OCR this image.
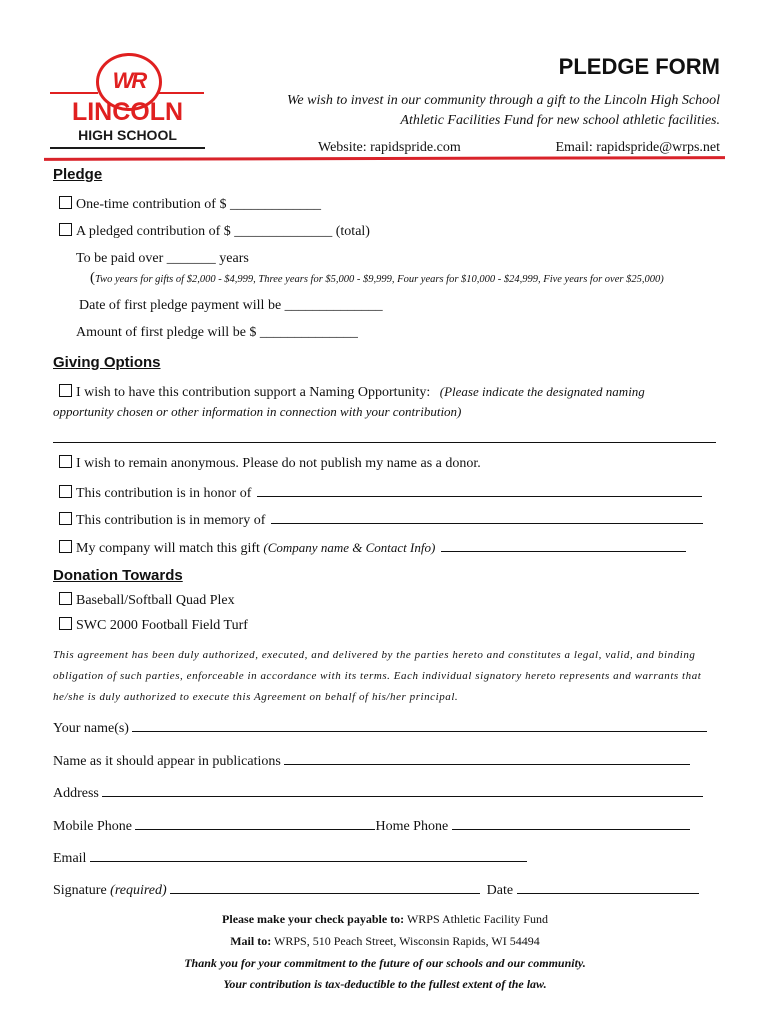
WR
LINCOLN
HIGH SCHOOL
PLEDGE FORM
We wish to invest in our community through a gift to the Lincoln High School
Athletic Facilities Fund for new school athletic facilities.
Website: rapidspride.com	Email: rapidspride@wrps.net
Pledge
One-time contribution of $ _____________
A pledged contribution of $ ______________ (total)
To be paid over _______ years
(Two years for gifts of $2,000 - $4,999, Three years for $5,000 - $9,999, Four years for $10,000 - $24,999, Five years for over $25,000)
Date of first pledge payment will be ______________
Amount of first pledge will be $ ______________
Giving Options
I wish to have this contribution support a Naming Opportunity: (Please indicate the designated naming
opportunity chosen or other information in connection with your contribution)
I wish to remain anonymous. Please do not publish my name as a donor.
This contribution is in honor of
This contribution is in memory of
My company will match this gift (Company name & Contact Info)
Donation Towards
Baseball/Softball Quad Plex
SWC 2000 Football Field Turf
This agreement has been duly authorized, executed, and delivered by the parties hereto and constitutes a legal, valid, and binding
obligation of such parties, enforceable in accordance with its terms. Each individual signatory hereto represents and warrants that
he/she is duly authorized to execute this Agreement on behalf of his/her principal.
Your name(s)
Name as it should appear in publications
Address
Mobile Phone	Home Phone
Email
Signature (required)	Date
Please make your check payable to: WRPS Athletic Facility Fund
Mail to: WRPS, 510 Peach Street, Wisconsin Rapids, WI 54494
Thank you for your commitment to the future of our schools and our community.
Your contribution is tax-deductible to the fullest extent of the law.
